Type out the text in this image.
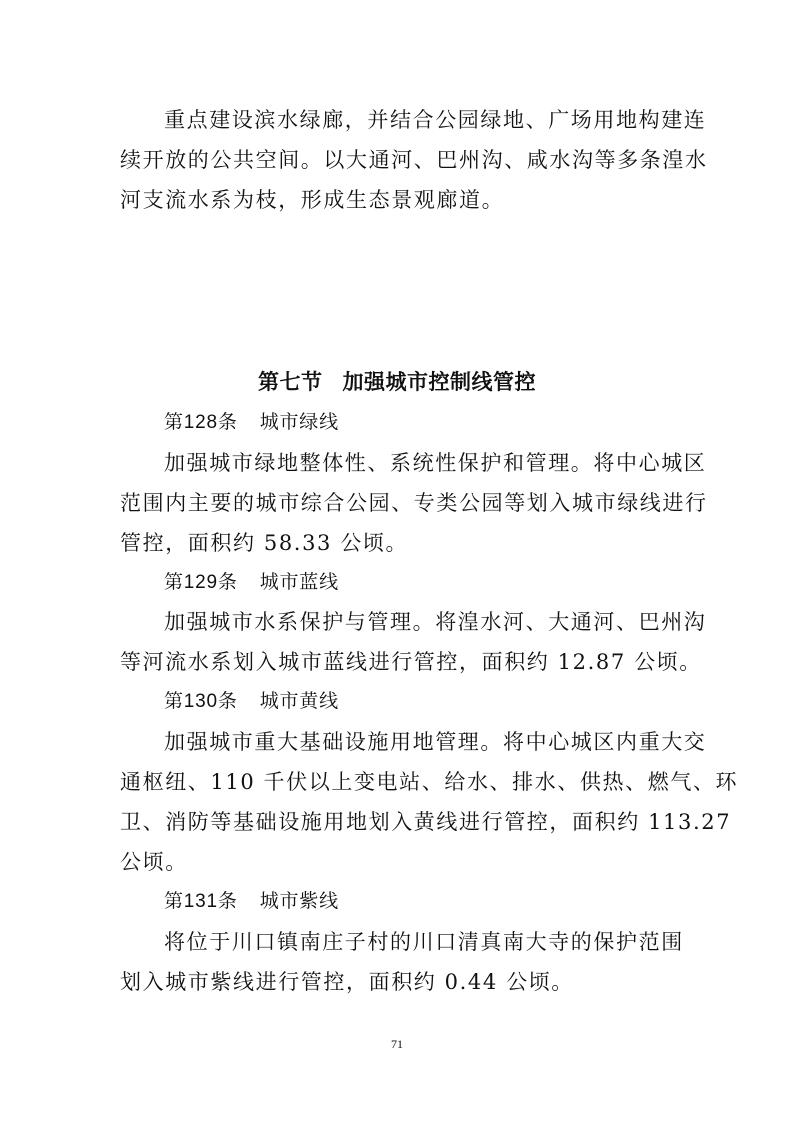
重点建设滨水绿廊，并结合公园绿地、广场用地构建连
续开放的公共空间。以大通河、巴州沟、咸水沟等多条湟水
河支流水系为枝，形成生态景观廊道。

第七节 加强城市控制线管控
第128条 城市绿线

加强城市绿地整体性、系统性保护和管理。将中心城区
范围内主要的城市综合公园、专类公园等划入城市绿线进行
管控，面积约 58.33 公顷。

第129条 城市蓝线

加强城市水系保护与管理。将湟水河、大通河、巴州沟
等河流水系划入城市蓝线进行管控，面积约 12.87 公顷。

第130条 城市黄线

加强城市重大基础设施用地管理。将中心城区内重大交
通枢纽、110 千伏以上变电站、给水、排水、供热、燃气、环
卫、消防等基础设施用地划入黄线进行管控，面积约 113.27
公顷。

第131条 城市紫线

将位于川口镇南庄子村的川口清真南大寺的保护范围
划入城市紫线进行管控，面积约 0.44 公顷。

71
